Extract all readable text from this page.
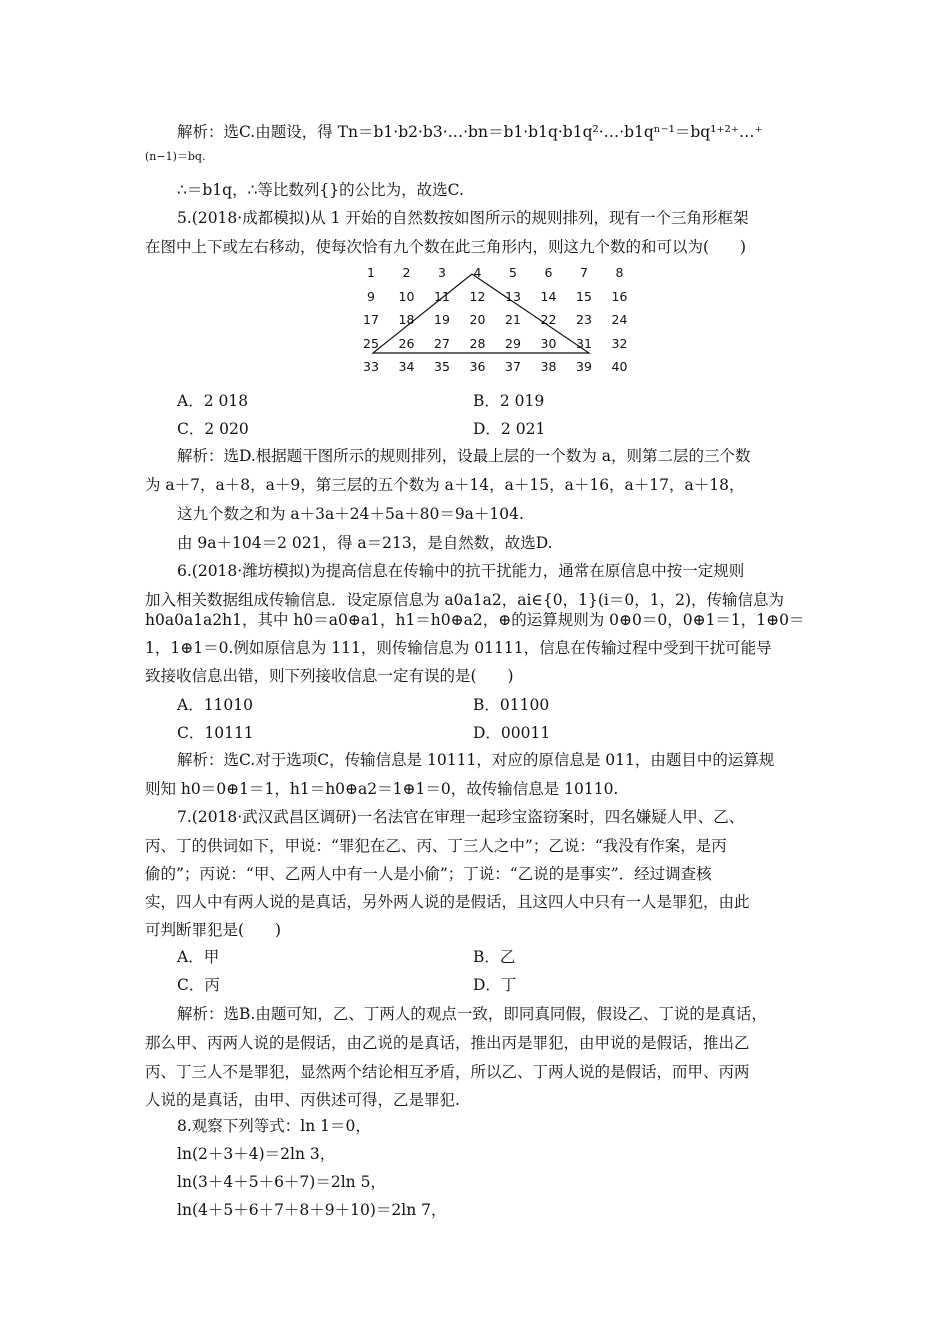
解析：选C.由题设，得 Tn＝b1·b2·b3·…·bn＝b1·b1q·b1q²·…·b1qⁿ⁻¹＝bq¹⁺²⁺…⁺
(n−1)＝bq.
∴＝b1q，∴等比数列{}的公比为，故选C.
5.(2018·成都模拟)从 1 开始的自然数按如图所示的规则排列，现有一个三角形框架
在图中上下或左右移动，使每次恰有九个数在此三角形内，则这九个数的和可以为(　　)
1	2	3	4	5	6	7	8
9	10	11	12	13	14	15	16
17	18	19	20	21	22	23	24
25	26	27	28	29	30	31	32
33	34	35	36	37	38	39	40
A．2 018	B．2 019
C．2 020	D．2 021
解析：选D.根据题干图所示的规则排列，设最上层的一个数为 a，则第二层的三个数
为 a＋7，a＋8，a＋9，第三层的五个数为 a＋14，a＋15，a＋16，a＋17，a＋18，
这九个数之和为 a＋3a＋24＋5a＋80＝9a＋104.
由 9a＋104＝2 021，得 a＝213，是自然数，故选D.
6.(2018·潍坊模拟)为提高信息在传输中的抗干扰能力，通常在原信息中按一定规则
加入相关数据组成传输信息．设定原信息为 a0a1a2，ai∈{0，1}(i＝0，1，2)，传输信息为
h0a0a1a2h1，其中 h0＝a0⊕a1，h1＝h0⊕a2，⊕的运算规则为 0⊕0＝0，0⊕1＝1，1⊕0＝
1，1⊕1＝0.例如原信息为 111，则传输信息为 01111，信息在传输过程中受到干扰可能导
致接收信息出错，则下列接收信息一定有误的是(　　)
A．11010	B．01100
C．10111	D．00011
解析：选C.对于选项C，传输信息是 10111，对应的原信息是 011，由题目中的运算规
则知 h0＝0⊕1＝1，h1＝h0⊕a2＝1⊕1＝0，故传输信息是 10110.
7.(2018·武汉武昌区调研)一名法官在审理一起珍宝盗窃案时，四名嫌疑人甲、乙、
丙、丁的供词如下，甲说：“罪犯在乙、丙、丁三人之中”；乙说：“我没有作案，是丙
偷的”；丙说：“甲、乙两人中有一人是小偷”；丁说：“乙说的是事实”．经过调查核
实，四人中有两人说的是真话，另外两人说的是假话，且这四人中只有一人是罪犯，由此
可判断罪犯是(　　)
A．甲	B．乙
C．丙	D．丁
解析：选B.由题可知，乙、丁两人的观点一致，即同真同假，假设乙、丁说的是真话，
那么甲、丙两人说的是假话，由乙说的是真话，推出丙是罪犯，由甲说的是假话，推出乙
丙、丁三人不是罪犯，显然两个结论相互矛盾，所以乙、丁两人说的是假话，而甲、丙两
人说的是真话，由甲、丙供述可得，乙是罪犯.
8.观察下列等式：ln 1＝0，
ln(2＋3＋4)＝2ln 3，
ln(3＋4＋5＋6＋7)＝2ln 5，
ln(4＋5＋6＋7＋8＋9＋10)＝2ln 7，
